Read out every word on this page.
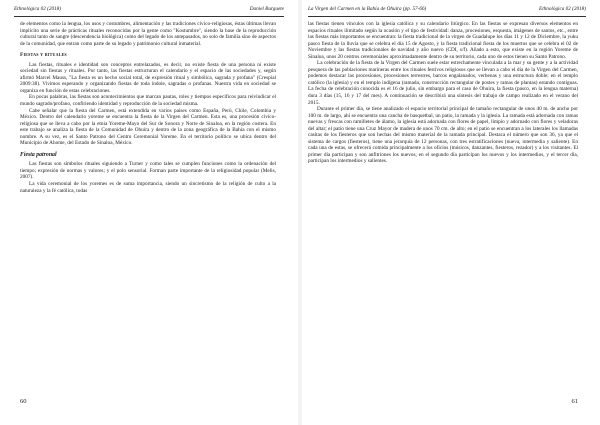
Ethnológica 02 (2018)	Daniel Burguete

de elementos como la lengua, los usos y costumbres, alimentación y las tradiciones cívico-religiosas, éstas últimas llevan implícito una serie de prácticas rituales reconocidas por la gente como "Kostumbre", siendo la base de la reproducción cultural tanto de sangre (descendencia biológica) como del legado de los antepasados, no solo de familia sino de aspectos de la comunidad, que entran como parte de su legado y patrimonio cultural inmaterial.

Fiestas y rituales

Las fiestas, rituales e identidad son conceptos entrelazados, es decir, no existe fiesta de una persona ni existe sociedad sin fiestas y rituales. Por tanto, las fiestas estructuran el calendario y el espacio de las sociedades y, según afirmó Marcel Mauss, "La fiesta es un hecho social total, de expresión ritual y simbólica, sagrada y profana" (Crespial 2009:38). Vivimos esperando y organizando fiestas de toda índole, sagradas o profanas. Nuestra vida en sociedad se organiza en función de estas celebraciones.

En pocas palabras, las fiestas son acontecimientos que marcan pautas, roles y tiempos específicos para reivindicar el mundo sagrado/profano, confiriendo identidad y reproducción de la sociedad misma.

Cabe señalar que la fiesta del Carmen, está extendida en varios países como España, Perú, Chile, Colombia y México. Dentro del calendario yoreme se encuentra la fiesta de la Virgen del Carmen. Esta es, una procesión cívico-religiosa que se lleva a cabo por la etnia Yoreme-Mayo del Sur de Sonora y Norte de Sinaloa, en la región costera. En este trabajo se analiza la fiesta de la Comunidad de Ohuira y dentro de la zona geográfica de la Bahía con el mismo nombre. A su vez, es el Santo Patrono del Centro Ceremonial Yoreme. En el territorio político se ubica dentro del Municipio de Ahome, del Estado de Sinaloa, México.

Fiesta patronal

Las fiestas son símbolos rituales siguiendo a Turner y como tales se cumplen funciones como la ordenación del tiempo; expresión de normas y valores; y el polo sensorial. Forman parte importante de la religiosidad popular (Melis, 2007).

La vida ceremonial de los yoremes es de suma importancia, siendo un sincretismo de la religión de culto a la naturaleza y la fé católica, todas

60
La Virgen del Carmen en la Bahía de Ohuira (pp. 57-66)	Ethnológica 02 (2018)

las fiestas tienen vínculos con la iglesia católica y su calendario litúrgico. En las fiestas se expresan diversos elementos en espacios rituales ilimitado según la ocasión y el tipo de festividad: danza, procesiones, esquesta, imágenes de santos, etc., entre las fiestas más importantes se encuentran: la fiesta tradicional de la virgen de Guadalupe los días 11 y 12 de Diciembre, la yuku pasco fiesta de la lluvia que se celebra el día 15 de Agosto, y la fiesta tradicional fiesta de los muertos que se celebra el 02 de Noviembre y las fiestas tradicionales de navidad y año nuevo (CDI, s/f). Añado a esto, que existe en la región Yoreme de Sinaloa, unos 20 centros ceremoniales aproximadamente dentro de su territorio, cada uno de estos tienen su Santo Patrono.

La celebración de la fiesta de la Virgen del Carmen suele estar estrechamente vinculada a la mar y su gente y a la actividad pesquera de las poblaciones marineras entre los rituales festivos religiosos que se llevan a cabo el día de la Virgen del Carmen, podemos destacar las procesiones, procesiones terrestres, barcos engalanados, verbenas y una estructura doble; en el templo católico (la iglesia) y en el templo indígena (ramada, construcción rectangular de postes y ramas de plantas) estando contiguas. La fecha de celebración conocida es el 16 de julio, sin embargo para el caso de Ohuira, la fiesta (pasco, en la lengua materna) dura 3 días (15, 16 y 17 del mes). A continuación se describirá una síntesis del trabajo de campo realizado en el verano del 2015.

Durante el primer día, se tiene analizado el espacio territorial principal de tamaño rectangular de unos 40 m. de ancho por 100 m. de largo, ahí se encuentra una cancha de basquetbal, un patio, la ramada y la iglesia. La ramada está adornada con ramas nuevas y frescas con ramilletes de álamo, la iglesia está adornada con flores de papel, limpio y adornado con flores y veladoras del altar; el patio tiene una Cruz Mayor de madera de unos 70 cm. de alto; en el patio se encuentran a los laterales los llamadas casitas de los fiesteros que son hechas del mismo material de la ramada principal. Destaca el número que son 36, ya que el sistema de cargos (fiesteros), tiene una jerarquía de 12 personas, con tres estratificaciones (nueva, intermedia y saliente). En cada una de estas, se ofrecerá comida principalmente a los oficios (músicos, danzantes, fiesteros, rezador) y a los visitantes. El primer día participan y son anfitriones los nuevos, en el segundo día participan los nuevos y los intermedios, y el tercer día, participan los intermedios y salientes.

61
